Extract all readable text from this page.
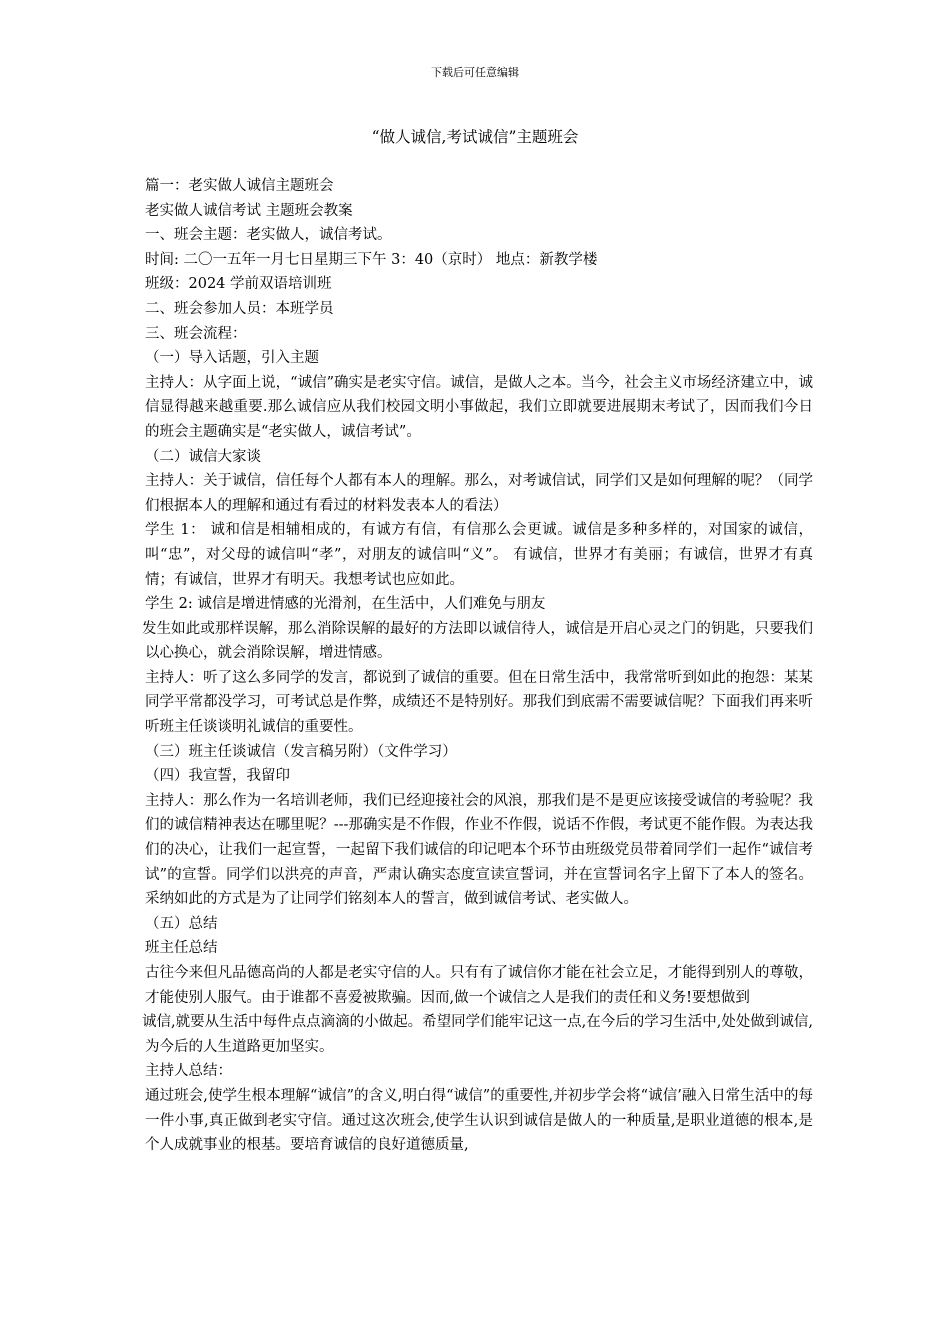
下载后可任意编辑
“做人诚信,考试诚信”主题班会

篇一：老实做人诚信主题班会

老实做人诚信考试 主题班会教案

一、班会主题：老实做人，诚信考试。

时间: 二〇一五年一月七日星期三下午 3：40（京时） 地点：新教学楼

班级：2024 学前双语培训班

二、班会参加人员：本班学员

三、班会流程：

（一）导入话题，引入主题

主持人：从字面上说，“诚信”确实是老实守信。诚信，是做人之本。当今，社会主义市场经济建立中，诚信显得越来越重要.那么诚信应从我们校园文明小事做起，我们立即就要进展期末考试了，因而我们今日的班会主题确实是“老实做人，诚信考试”。

（二）诚信大家谈

主持人：关于诚信，信任每个人都有本人的理解。那么，对考诚信试，同学们又是如何理解的呢？（同学们根据本人的理解和通过有看过的材料发表本人的看法）

学生 1： 诚和信是相辅相成的，有诚方有信，有信那么会更诚。诚信是多种多样的，对国家的诚信，叫“忠”，对父母的诚信叫“孝”，对朋友的诚信叫“义”。 有诚信，世界才有美丽；有诚信，世界才有真情；有诚信，世界才有明天。我想考试也应如此。

学生 2: 诚信是增进情感的光滑剂，在生活中，人们难免与朋友

发生如此或那样误解，那么消除误解的最好的方法即以诚信待人，诚信是开启心灵之门的钥匙，只要我们以心换心，就会消除误解，增进情感。

主持人：听了这么多同学的发言，都说到了诚信的重要。但在日常生活中，我常常听到如此的抱怨：某某同学平常都没学习，可考试总是作弊，成绩还不是特别好。那我们到底需不需要诚信呢？下面我们再来听听班主任谈谈明礼诚信的重要性。

（三）班主任谈诚信（发言稿另附）（文件学习）

（四）我宣誓，我留印

主持人：那么作为一名培训老师，我们已经迎接社会的风浪，那我们是不是更应该接受诚信的考验呢？我们的诚信精神表达在哪里呢？---那确实是不作假，作业不作假，说话不作假，考试更不能作假。为表达我们的决心，让我们一起宣誓，一起留下我们诚信的印记吧本个环节由班级党员带着同学们一起作“诚信考试”的宣誓。同学们以洪亮的声音，严肃认确实态度宣读宣誓词，并在宣誓词名字上留下了本人的签名。采纳如此的方式是为了让同学们铭刻本人的誓言，做到诚信考试、老实做人。

（五）总结

班主任总结

古往今来但凡品德高尚的人都是老实守信的人。只有有了诚信你才能在社会立足，才能得到别人的尊敬，才能使别人服气。由于谁都不喜爱被欺骗。因而,做一个诚信之人是我们的责任和义务!要想做到

诚信,就要从生活中每件点点滴滴的小做起。希望同学们能牢记这一点,在今后的学习生活中,处处做到诚信,为今后的人生道路更加坚实。

主持人总结：

通过班会,使学生根本理解“诚信”的含义,明白得“诚信”的重要性,并初步学会将“诚信’融入日常生活中的每一件小事,真正做到老实守信。通过这次班会,使学生认识到诚信是做人的一种质量,是职业道德的根本,是个人成就事业的根基。要培育诚信的良好道德质量,
